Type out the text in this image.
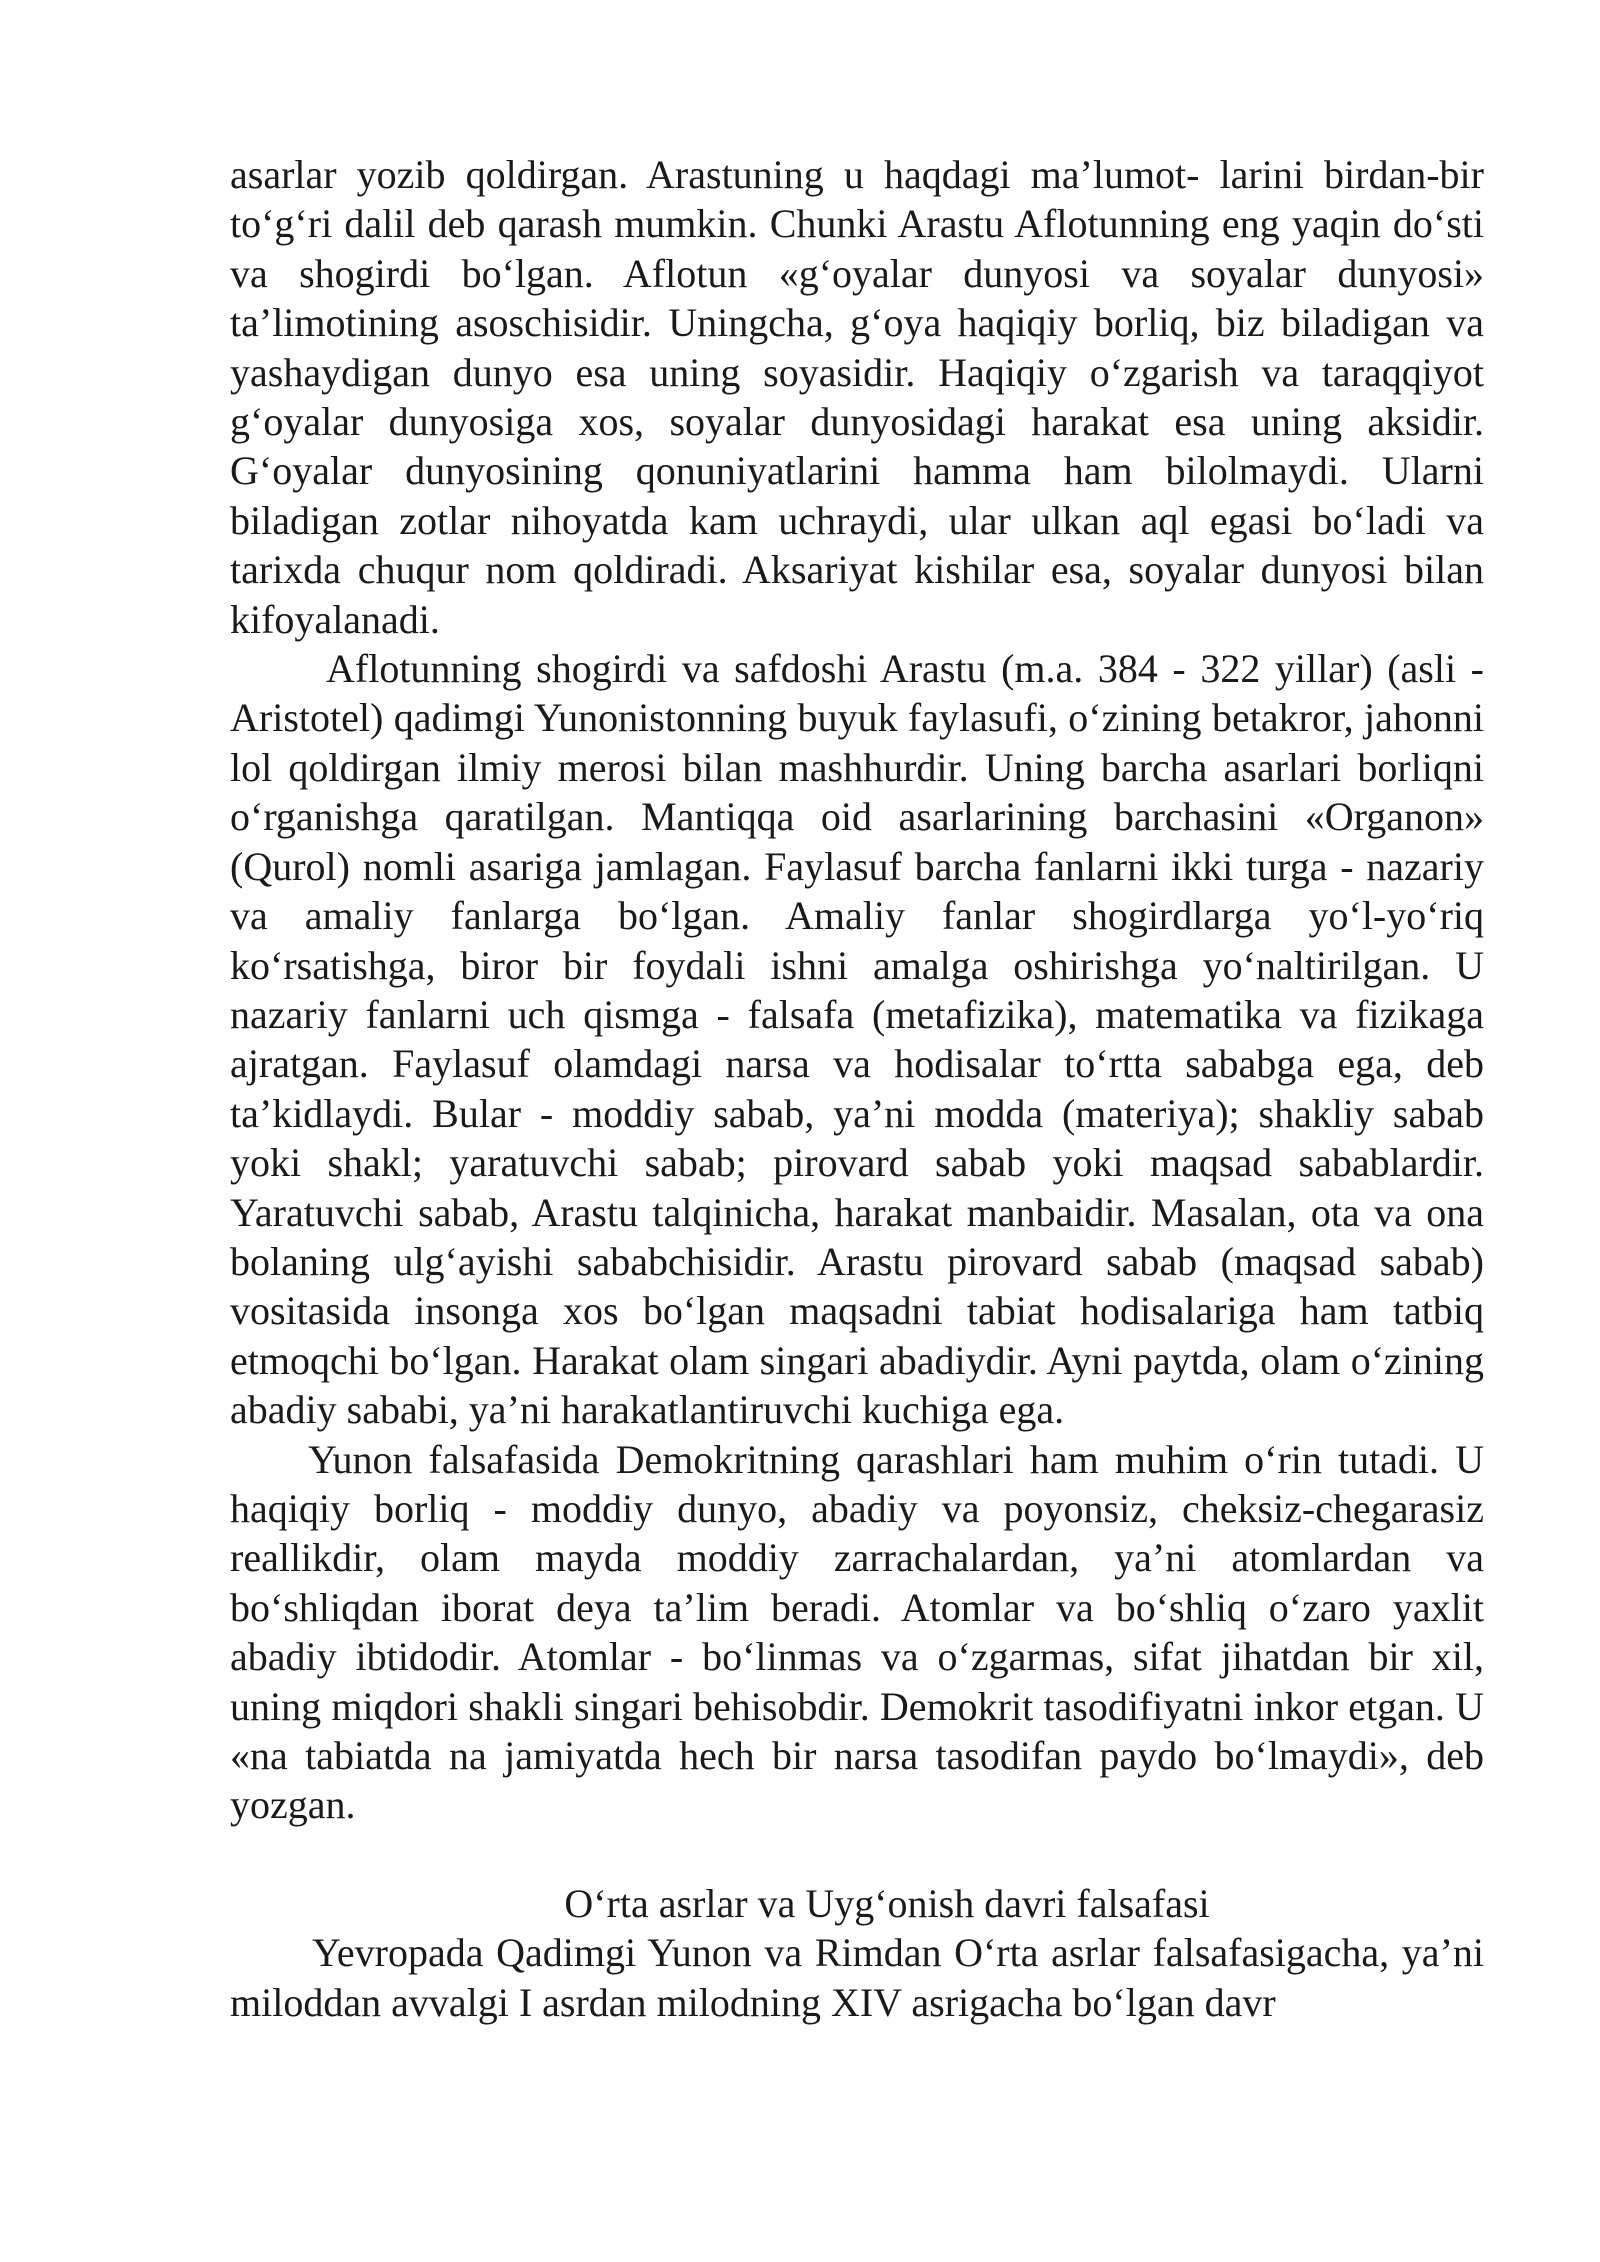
asarlar yozib qoldirgan. Arastuning u haqdagi ma’lumot- larini birdan-bir to‘g‘ri dalil deb qarash mumkin. Chunki Arastu Aflotunning eng yaqin do‘sti va shogirdi bo‘lgan. Aflotun «g‘oyalar dunyosi va soyalar dunyosi» ta’limotining asoschisidir. Uningcha, g‘oya haqiqiy borliq, biz biladigan va yashaydigan dunyo esa uning soyasidir. Haqiqiy o‘zgarish va taraqqiyot g‘oyalar dunyosiga xos, soyalar dunyosidagi harakat esa uning aksidir. G‘oyalar dunyosining qonuniyatlarini hamma ham bilolmaydi. Ularni biladigan zotlar nihoyatda kam uchraydi, ular ulkan aql egasi bo‘ladi va tarixda chuqur nom qoldiradi. Aksariyat kishilar esa, soyalar dunyosi bilan kifoyalanadi.

Aflotunning shogirdi va safdoshi Arastu (m.a. 384 - 322 yillar) (asli - Aristotel) qadimgi Yunonistonning buyuk faylasufi, o‘zining betakror, jahonni lol qoldirgan ilmiy merosi bilan mashhurdir. Uning barcha asarlari borliqni o‘rganishga qaratilgan. Mantiqqa oid asarlarining barchasini «Organon» (Qurol) nomli asariga jamlagan. Faylasuf barcha fanlarni ikki turga - nazariy va amaliy fanlarga bo‘lgan. Amaliy fanlar shogirdlarga yo‘l-yo‘riq ko‘rsatishga, biror bir foydali ishni amalga oshirishga yo‘naltirilgan. U nazariy fanlarni uch qismga - falsafa (metafizika), matematika va fizikaga ajratgan. Faylasuf olamdagi narsa va hodisalar to‘rtta sababga ega, deb ta’kidlaydi. Bular - moddiy sabab, ya’ni modda (materiya); shakliy sabab yoki shakl; yaratuvchi sabab; pirovard sabab yoki maqsad sabablardir. Yaratuvchi sabab, Arastu talqinicha, harakat manbaidir. Masalan, ota va ona bolaning ulg‘ayishi sababchisidir. Arastu pirovard sabab (maqsad sabab) vositasida insonga xos bo‘lgan maqsadni tabiat hodisalariga ham tatbiq etmoqchi bo‘lgan. Harakat olam singari abadiydir. Ayni paytda, olam o‘zining abadiy sababi, ya’ni harakatlantiruvchi kuchiga ega.

Yunon falsafasida Demokritning qarashlari ham muhim o‘rin tutadi. U haqiqiy borliq - moddiy dunyo, abadiy va poyonsiz, cheksiz-chegarasiz reallikdir, olam mayda moddiy zarrachalardan, ya’ni atomlardan va bo‘shliqdan iborat deya ta’lim beradi. Atomlar va bo‘shliq o‘zaro yaxlit abadiy ibtidodir. Atomlar - bo‘linmas va o‘zgarmas, sifat jihatdan bir xil, uning miqdori shakli singari behisobdir. Demokrit tasodifiyatni inkor etgan. U «na tabiatda na jamiyatda hech bir narsa tasodifan paydo bo‘lmaydi», deb yozgan.

O‘rta asrlar va Uyg‘onish davri falsafasi

Yevropada Qadimgi Yunon va Rimdan O‘rta asrlar falsafasigacha, ya’ni miloddan avvalgi I asrdan milodning XIV asrigacha bo‘lgan davr
